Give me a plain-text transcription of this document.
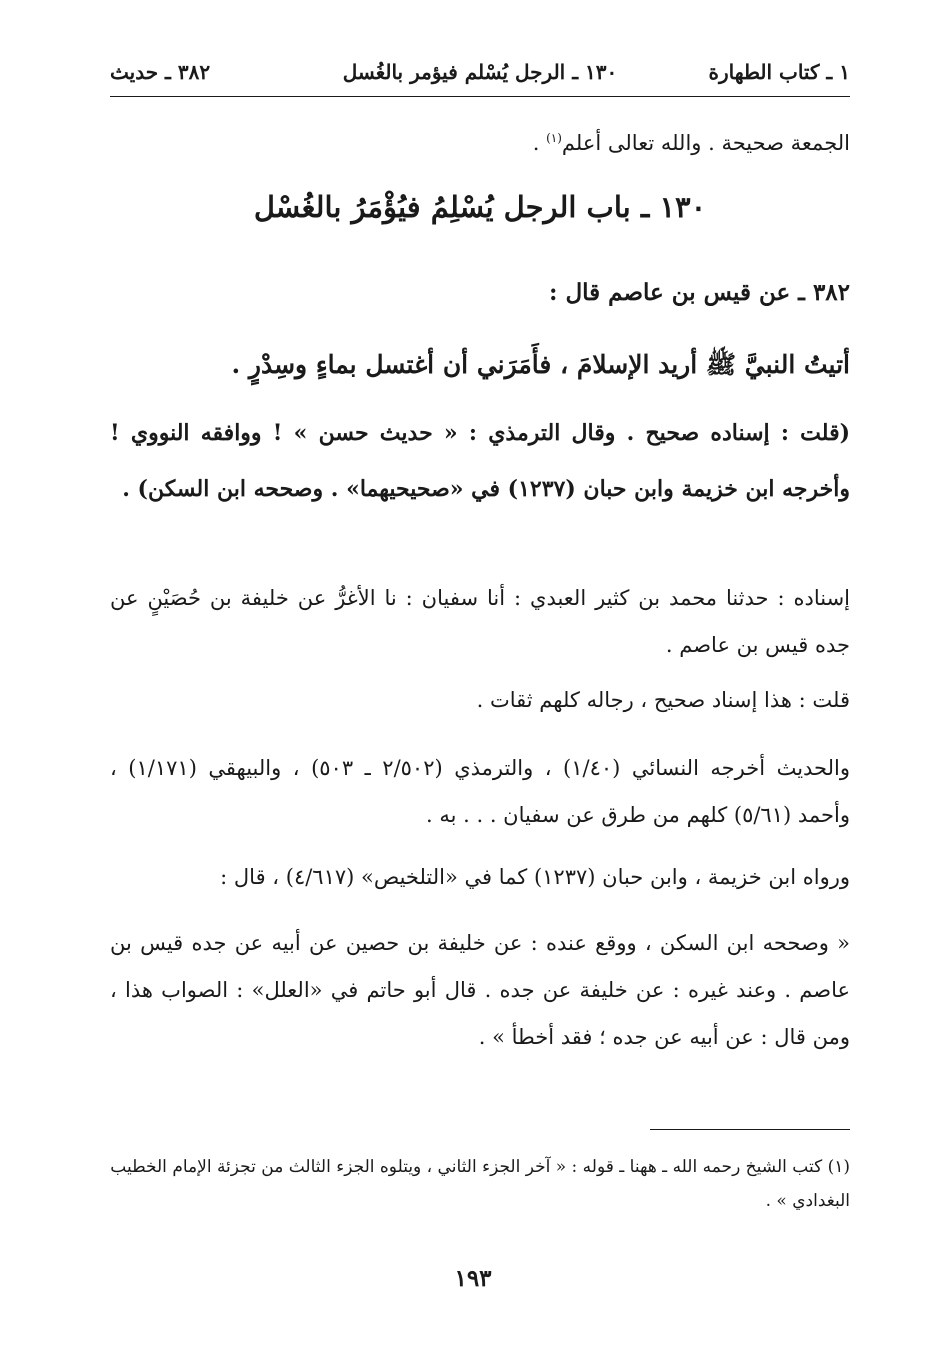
١ ـ كتاب الطهارة
١٣٠ ـ الرجل يُسْلم فيؤمر بالغُسل
٣٨٢ ـ حديث
الجمعة صحيحة . والله تعالى أعلم$^{(١)}$ .
١٣٠ ـ باب الرجل يُسْلِمُ فيُؤْمَرُ بالغُسْل
٣٨٢ ـ عن قيس بن عاصم قال :
أتيتُ النبيَّ ﷺ أريد الإسلامَ ، فأَمَرَني أن أغتسل بماءٍ وسِدْرٍ .
(قلت : إسناده صحيح . وقال الترمذي : « حديث حسن » ! ووافقه النووي ! وأخرجه ابن خزيمة وابن حبان (١٢٣٧) في «صحيحيهما» . وصححه ابن السكن) .
إسناده : حدثنا محمد بن كثير العبدي : أنا سفيان : نا الأغرُّ عن خليفة بن حُصَيْنٍ عن جده قيس بن عاصم .
قلت : هذا إسناد صحيح ، رجاله كلهم ثقات .
والحديث أخرجه النسائي (١/٤٠) ، والترمذي (٢/٥٠٢ ـ ٥٠٣) ، والبيهقي (١/١٧١) ، وأحمد (٥/٦١) كلهم من طرق عن سفيان . . . به .
ورواه ابن خزيمة ، وابن حبان (١٢٣٧) كما في «التلخيص» (٤/٦١٧) ، قال :
« وصححه ابن السكن ، ووقع عنده : عن خليفة بن حصين عن أبيه عن جده قيس بن عاصم . وعند غيره : عن خليفة عن جده . قال أبو حاتم في «العلل» : الصواب هذا ، ومن قال : عن أبيه عن جده ؛ فقد أخطأ » .
(١) كتب الشيخ رحمه الله ـ ههنا ـ قوله : « آخر الجزء الثاني ، ويتلوه الجزء الثالث من تجزئة الإمام الخطيب البغدادي » .
١٩٣
